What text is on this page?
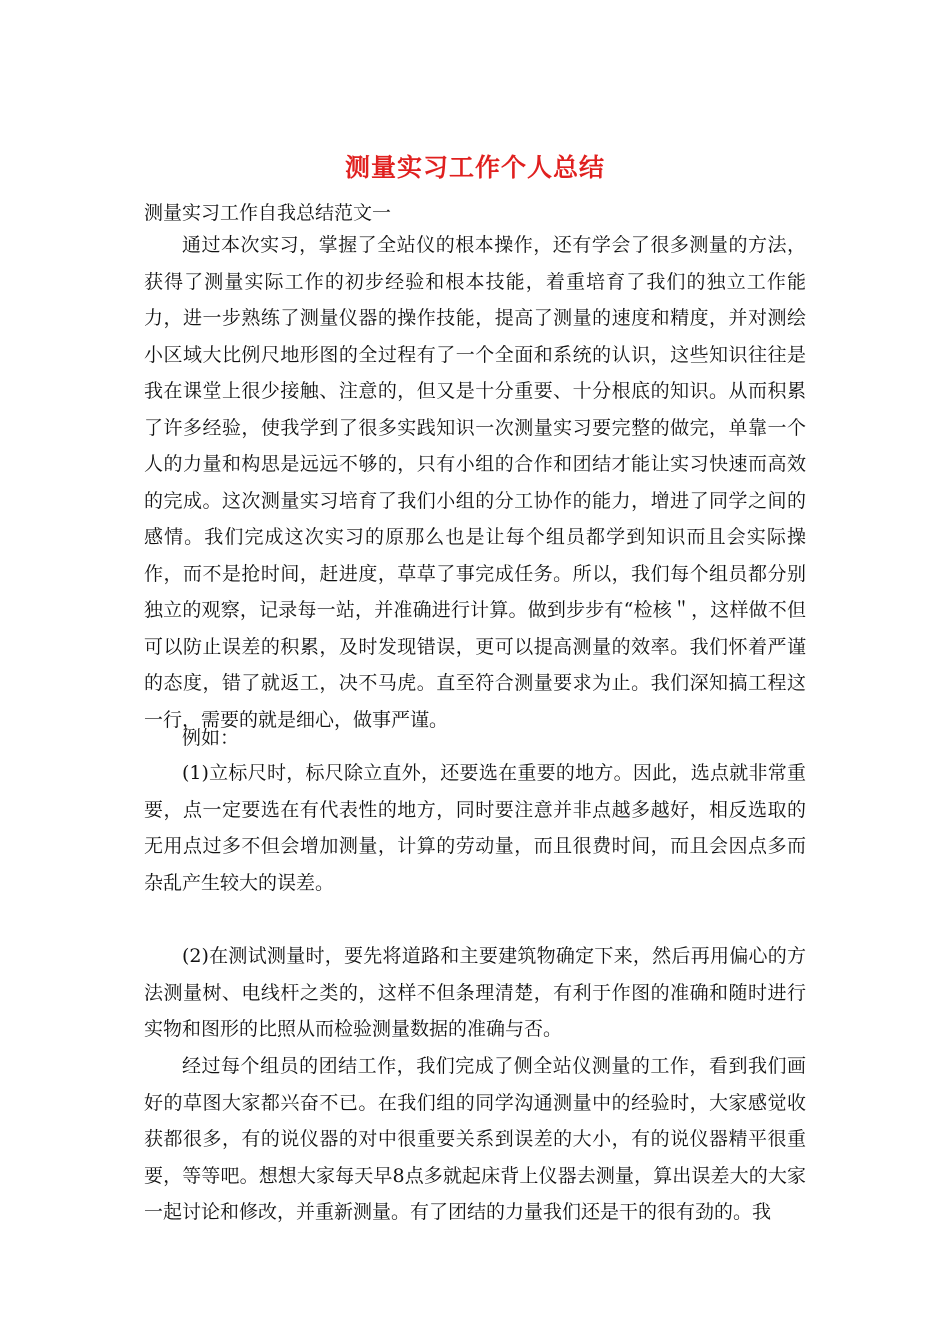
测量实习工作个人总结
测量实习工作自我总结范文一

通过本次实习，掌握了全站仪的根本操作，还有学会了很多测量的方法，获得了测量实际工作的初步经验和根本技能，着重培育了我们的独立工作能力，进一步熟练了测量仪器的操作技能，提高了测量的速度和精度，并对测绘小区域大比例尺地形图的全过程有了一个全面和系统的认识，这些知识往往是我在课堂上很少接触、注意的，但又是十分重要、十分根底的知识。从而积累了许多经验，使我学到了很多实践知识一次测量实习要完整的做完，单靠一个人的力量和构思是远远不够的，只有小组的合作和团结才能让实习快速而高效的完成。这次测量实习培育了我们小组的分工协作的能力，增进了同学之间的感情。我们完成这次实习的原那么也是让每个组员都学到知识而且会实际操作，而不是抢时间，赶进度，草草了事完成任务。所以，我们每个组员都分别独立的观察，记录每一站，并准确进行计算。做到步步有“检核＂，这样做不但可以防止误差的积累，及时发现错误，更可以提高测量的效率。我们怀着严谨的态度，错了就返工，决不马虎。直至符合测量要求为止。我们深知搞工程这一行，需要的就是细心，做事严谨。

例如：

(1)立标尺时，标尺除立直外，还要选在重要的地方。因此，选点就非常重要，点一定要选在有代表性的地方，同时要注意并非点越多越好，相反选取的无用点过多不但会增加测量，计算的劳动量，而且很费时间，而且会因点多而杂乱产生较大的误差。

(2)在测试测量时，要先将道路和主要建筑物确定下来，然后再用偏心的方法测量树、电线杆之类的，这样不但条理清楚，有利于作图的准确和随时进行实物和图形的比照从而检验测量数据的准确与否。

经过每个组员的团结工作，我们完成了侧全站仪测量的工作，看到我们画好的草图大家都兴奋不已。在我们组的同学沟通测量中的经验时，大家感觉收获都很多，有的说仪器的对中很重要关系到误差的大小，有的说仪器精平很重要，等等吧。想想大家每天早8点多就起床背上仪器去测量，算出误差大的大家一起讨论和修改，并重新测量。有了团结的力量我们还是干的很有劲的。我
